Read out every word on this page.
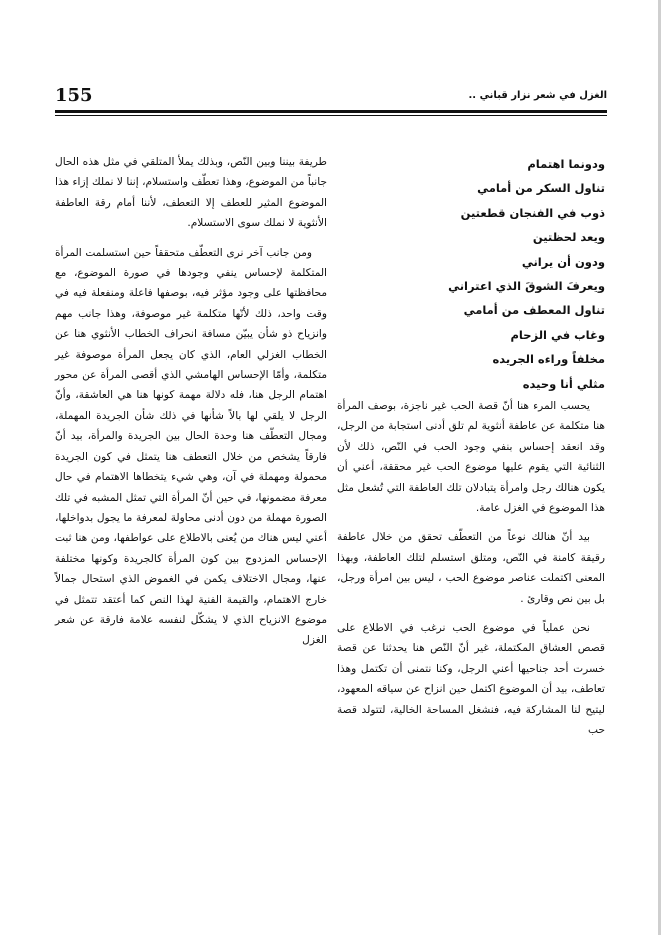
155	الغزل في شعر نزار قباني ..

ودونما اهتمام

تناول السكر من أمامي

ذوب في الفنجان قطعتين

ويعد لحظتين

ودون أن يراني

ويعرفَ الشوقَ الذي اعتراني

تناول المعطف من أمامي

وغاب في الزحام

مخلفاً وراءه الجريده

مثلي أنا وحيده

يحسب المرء هنا أنّ قصة الحب غير ناجزة، بوصف المرأة هنا متكلمة عن عاطفة أنثوية لم تلق أدنى استجابة من الرجل، وقد انعقد إحساس بنفي وجود الحب في النّص، ذلك لأن الثنائية التي يقوم عليها موضوع الحب غير محققة، أعني أن يكون هنالك رجل وامرأة يتبادلان تلك العاطفة التي تُشعل مثل هذا الموضوع في الغزل عامة.

بيد أنّ هنالك نوعاً من التعطّف تحقق من خلال عاطفة رقيقة كامنة في النّص، ومتلق استسلم لتلك العاطفة، وبهذا المعنى اكتملت عناصر موضوع الحب ، ليس بين امرأة ورجل، بل بين نص وقارئ .

نحن عملياً في موضوع الحب نرغب في الاطلاع على قصص العشاق المكتملة، غير أنّ النّص هنا يحدثنا عن قصة خسرت أحد جناحيها أعني الرجل، وكنا نتمنى أن تكتمل وهذا تعاطف، بيد أن الموضوع اكتمل حين انزاح عن سياقه المعهود، ليتيح لنا المشاركة فيه، فنشغل المساحة الخالية، لتتولد قصة حب

طريفة بيننا وبين النّص، وبذلك يملأ المتلقي في مثل هذه الحال جانباً من الموضوع، وهذا تعطّف واستسلام، إننا لا نملك إزاء هذا الموضوع المثير للعطف إلا التعطف، لأننا أمام رقة العاطفة الأنثوية لا نملك سوى الاستسلام.

ومن جانب آخر نرى التعطّف متحققاً حين استسلمت المرأة المتكلمة لإحساس ينفي وجودها في صورة الموضوع، مع محافظتها على وجود مؤثر فيه، بوصفها فاعلة ومنفعلة فيه في وقت واحد، ذلك لأنّها متكلمة غير موصوفة، وهذا جانب مهم وانزياح ذو شأن يبيّن مسافة انحراف الخطاب الأنثوي هنا عن الخطاب الغزلي العام، الذي كان يجعل المرأة موصوفة غير متكلمة، وأمّا الإحساس الهامشي الذي أقصى المرأة عن محور اهتمام الرجل هنا، فله دلالة مهمة كونها هنا هي العاشقة، وأنّ الرجل لا يلقي لها بالاً شأنها في ذلك شأن الجريدة المهملة، ومجال التعطّف هنا وحدة الحال بين الجريدة والمرأة، بيد أنّ فارقاً يشخص من خلال التعطف هنا يتمثل في كون الجريدة محمولة ومهملة في آن، وهي شيء يتخطاها الاهتمام في حال معرفة مضمونها، في حين أنّ المرأة التي تمثل المشبه في تلك الصورة مهملة من دون أدنى محاولة لمعرفة ما يجول بدواخلها، أعني ليس هناك من يُعنى بالاطلاع على عواطفها، ومن هنا ثبت الإحساس المزدوج بين كون المرأة كالجريدة وكونها مختلفة عنها، ومجال الاختلاف يكمن في الغموض الذي استحال جمالاً خارج الاهتمام، والقيمة الفنية لهذا النص كما أعتقد تتمثل في موضوع الانزياح الذي لا يشكّل لنفسه علامة فارقة عن شعر الغزل
